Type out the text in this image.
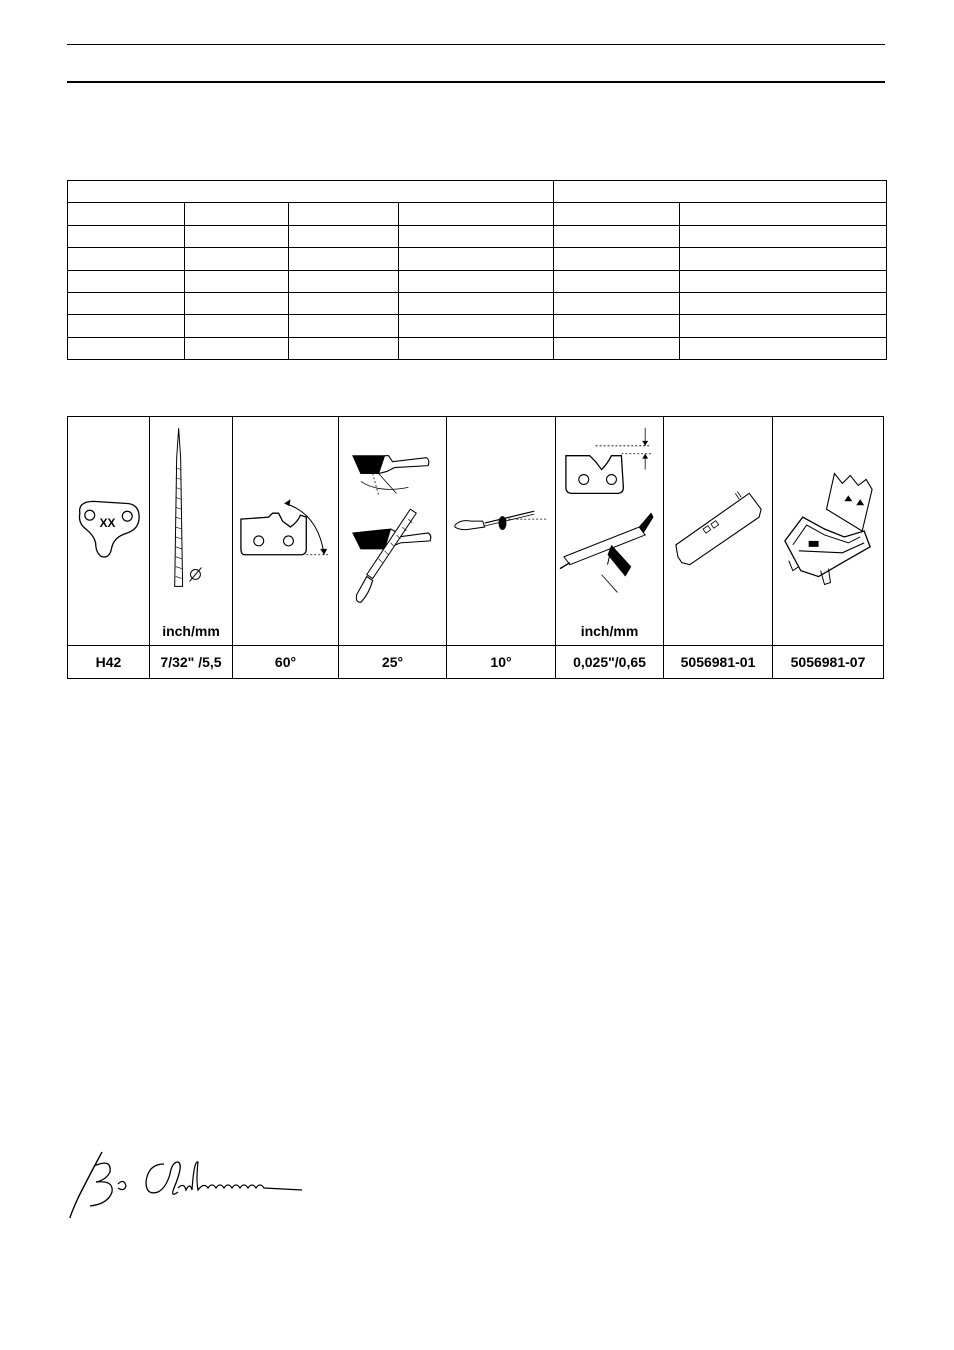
XX	inch/mm				inch/mm

H42	7/32" /5,5	60°	25°	10°	0,025"/0,65	5056981-01	5056981-07
